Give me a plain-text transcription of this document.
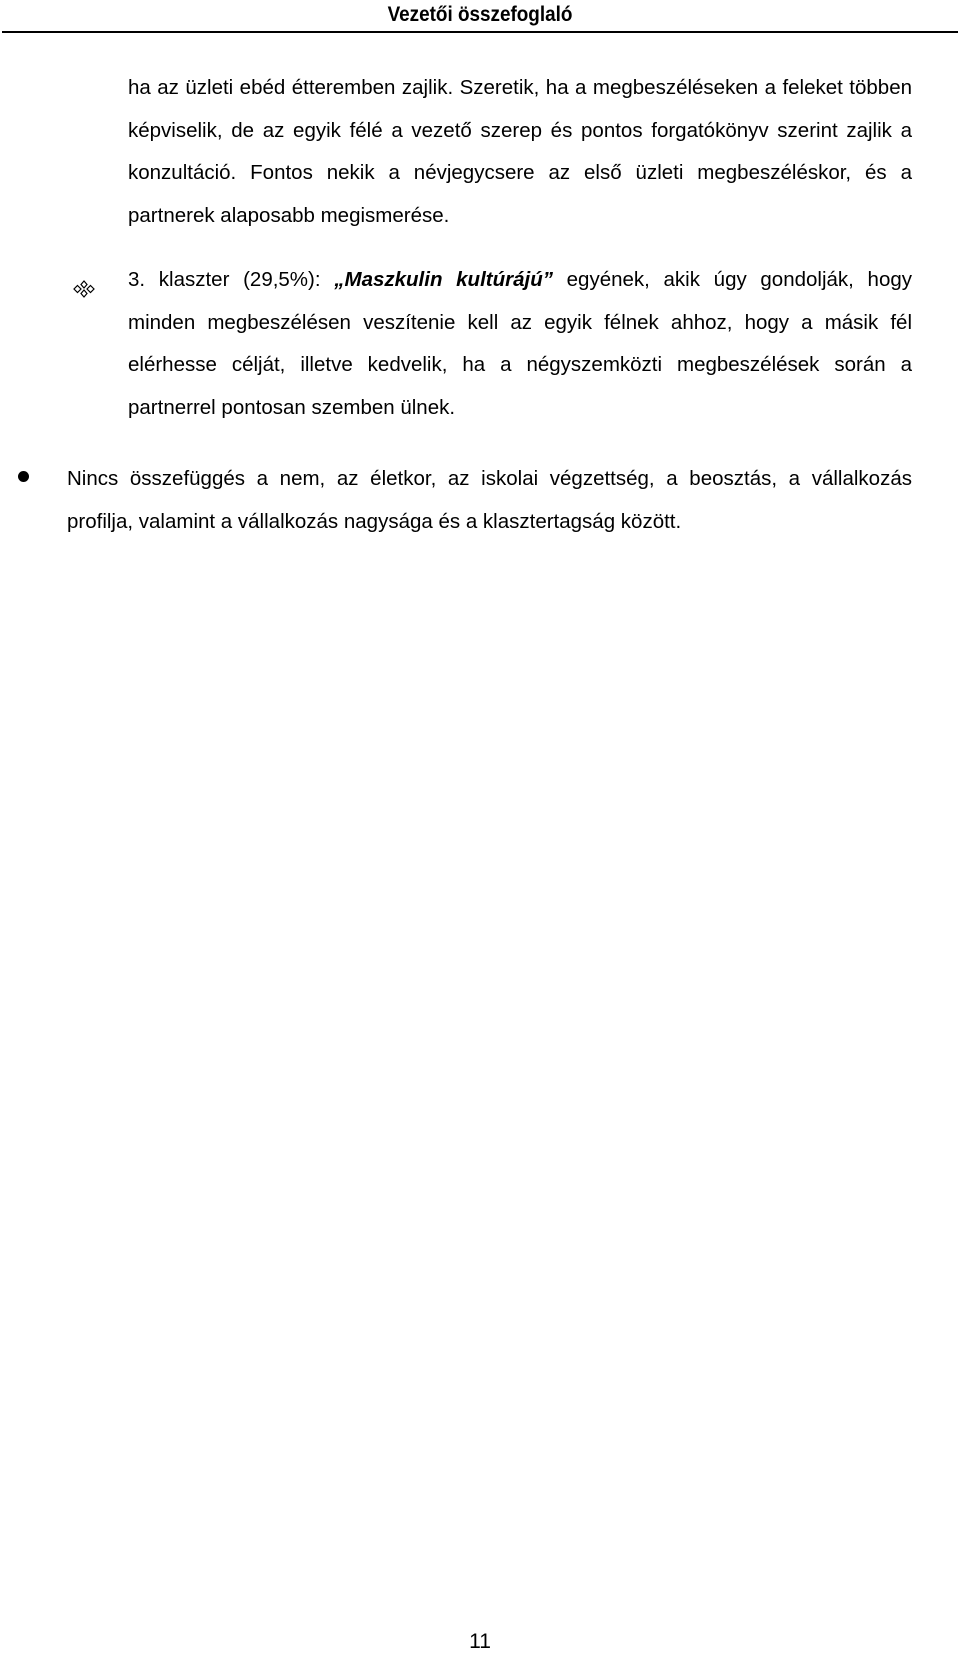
Vezetői összefoglaló

ha az üzleti ebéd étteremben zajlik. Szeretik, ha a megbeszéléseken a feleket többen képviselik, de az egyik félé a vezető szerep és pontos forgatókönyv szerint zajlik a konzultáció. Fontos nekik a névjegycsere az első üzleti megbeszéléskor, és a partnerek alaposabb megismerése.

3. klaszter (29,5%): „Maszkulin kultúrájú” egyének, akik úgy gondolják, hogy minden megbeszélésen veszítenie kell az egyik félnek ahhoz, hogy a másik fél elérhesse célját, illetve kedvelik, ha a négyszemközti megbeszélések során a partnerrel pontosan szemben ülnek.

Nincs összefüggés a nem, az életkor, az iskolai végzettség, a beosztás, a vállalkozás profilja, valamint a vállalkozás nagysága és a klasztertagság között.

11
